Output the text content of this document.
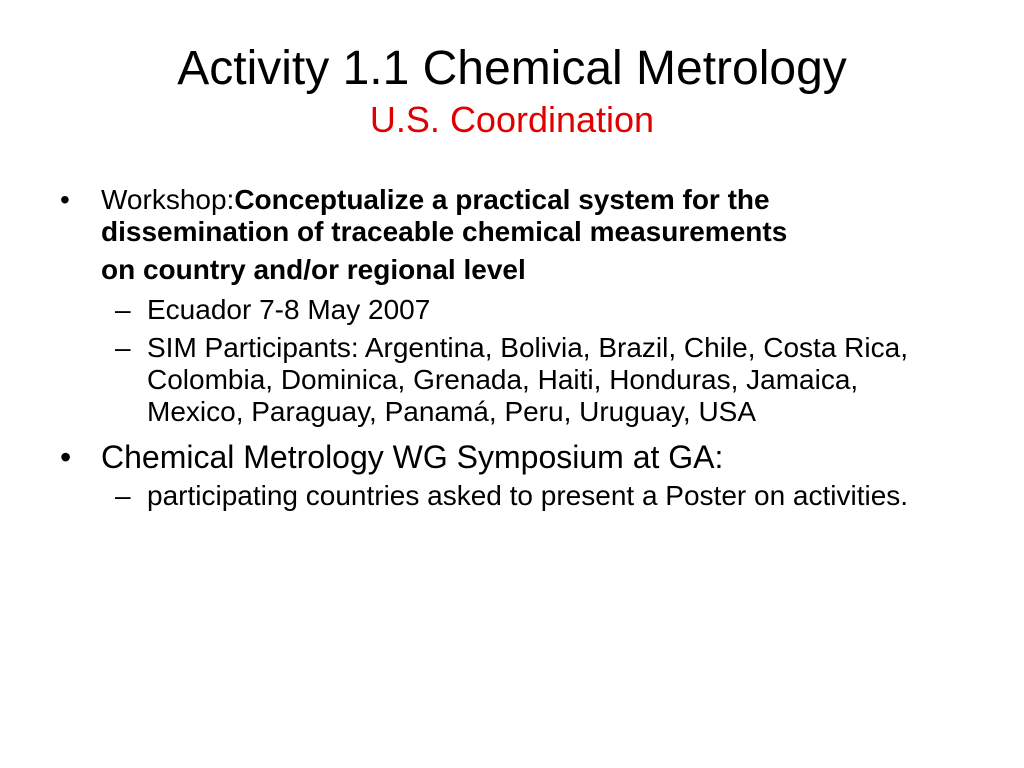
Activity 1.1 Chemical Metrology
U.S. Coordination
• Workshop:Conceptualize a practical system for the dissemination of traceable chemical measurements
on country and/or regional level
– Ecuador 7-8 May 2007
– SIM Participants: Argentina, Bolivia, Brazil, Chile, Costa Rica, Colombia, Dominica, Grenada, Haiti, Honduras, Jamaica, Mexico, Paraguay, Panamá, Peru, Uruguay, USA
• Chemical Metrology WG Symposium at GA:
– participating countries asked to present a Poster on activities.
